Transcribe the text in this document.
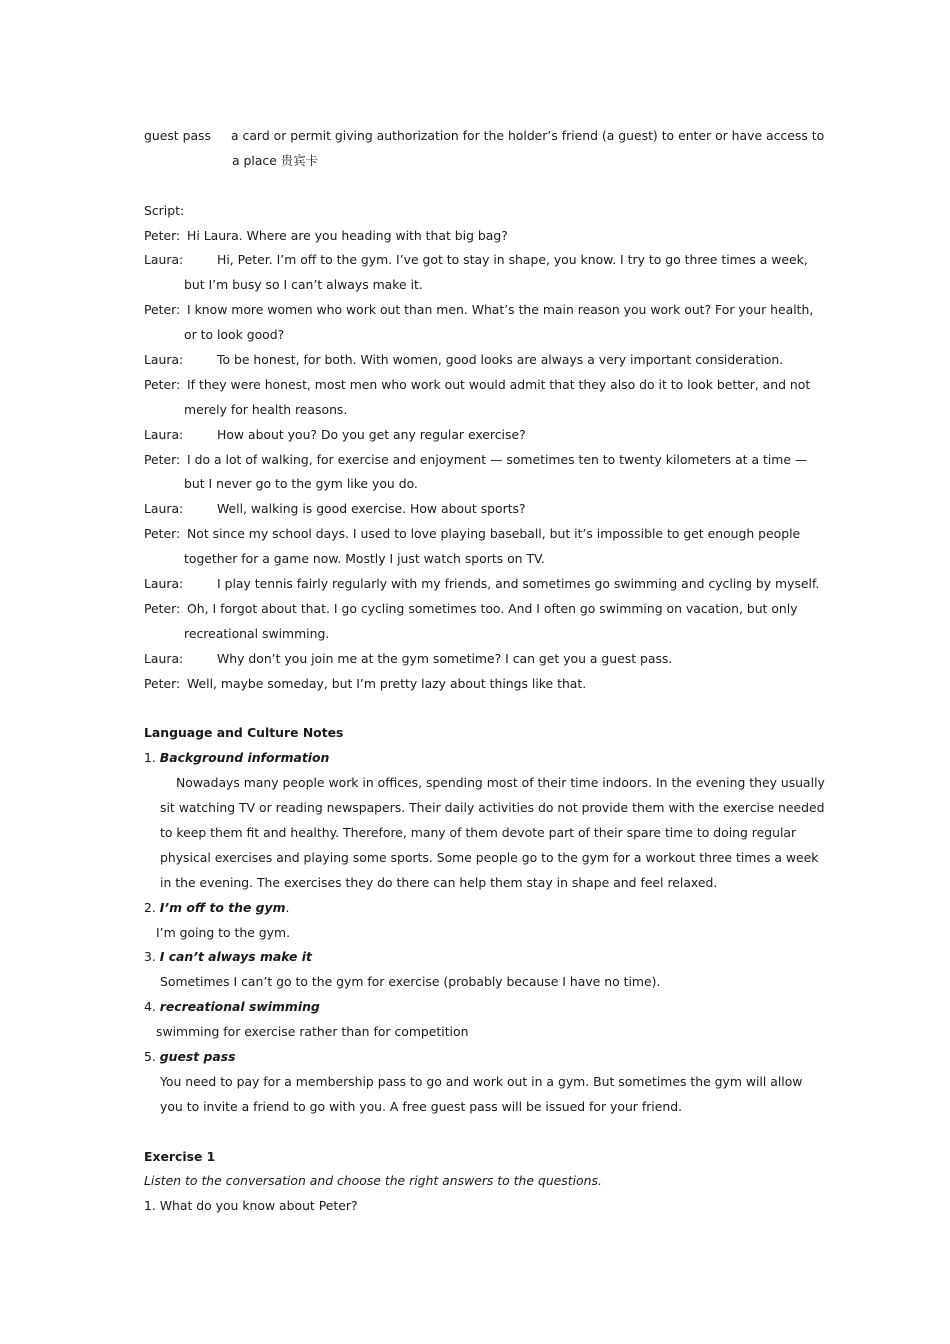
guest pass a card or permit giving authorization for the holder’s friend (a guest) to enter or have access to
a place 贵宾卡
Script:
Peter: Hi Laura. Where are you heading with that big bag?
Laura:	Hi, Peter. I’m off to the gym. I’ve got to stay in shape, you know. I try to go three times a week,
but I’m busy so I can’t always make it.
Peter: I know more women who work out than men. What’s the main reason you work out? For your health,
or to look good?
Laura:	To be honest, for both. With women, good looks are always a very important consideration.
Peter: If they were honest, most men who work out would admit that they also do it to look better, and not
merely for health reasons.
Laura:	How about you? Do you get any regular exercise?
Peter: I do a lot of walking, for exercise and enjoyment — sometimes ten to twenty kilometers at a time —
but I never go to the gym like you do.
Laura:	Well, walking is good exercise. How about sports?
Peter: Not since my school days. I used to love playing baseball, but it’s impossible to get enough people
together for a game now. Mostly I just watch sports on TV.
Laura:	I play tennis fairly regularly with my friends, and sometimes go swimming and cycling by myself.
Peter: Oh, I forgot about that. I go cycling sometimes too. And I often go swimming on vacation, but only
recreational swimming.
Laura:	Why don’t you join me at the gym sometime? I can get you a guest pass.
Peter: Well, maybe someday, but I’m pretty lazy about things like that.
Language and Culture Notes
1. Background information
Nowadays many people work in offices, spending most of their time indoors. In the evening they usually
sit watching TV or reading newspapers. Their daily activities do not provide them with the exercise needed
to keep them fit and healthy. Therefore, many of them devote part of their spare time to doing regular
physical exercises and playing some sports. Some people go to the gym for a workout three times a week
in the evening. The exercises they do there can help them stay in shape and feel relaxed.
2. I’m off to the gym.
I’m going to the gym.
3. I can’t always make it
Sometimes I can’t go to the gym for exercise (probably because I have no time).
4. recreational swimming
swimming for exercise rather than for competition
5. guest pass
You need to pay for a membership pass to go and work out in a gym. But sometimes the gym will allow
you to invite a friend to go with you. A free guest pass will be issued for your friend.
Exercise 1
Listen to the conversation and choose the right answers to the questions.
1. What do you know about Peter?
